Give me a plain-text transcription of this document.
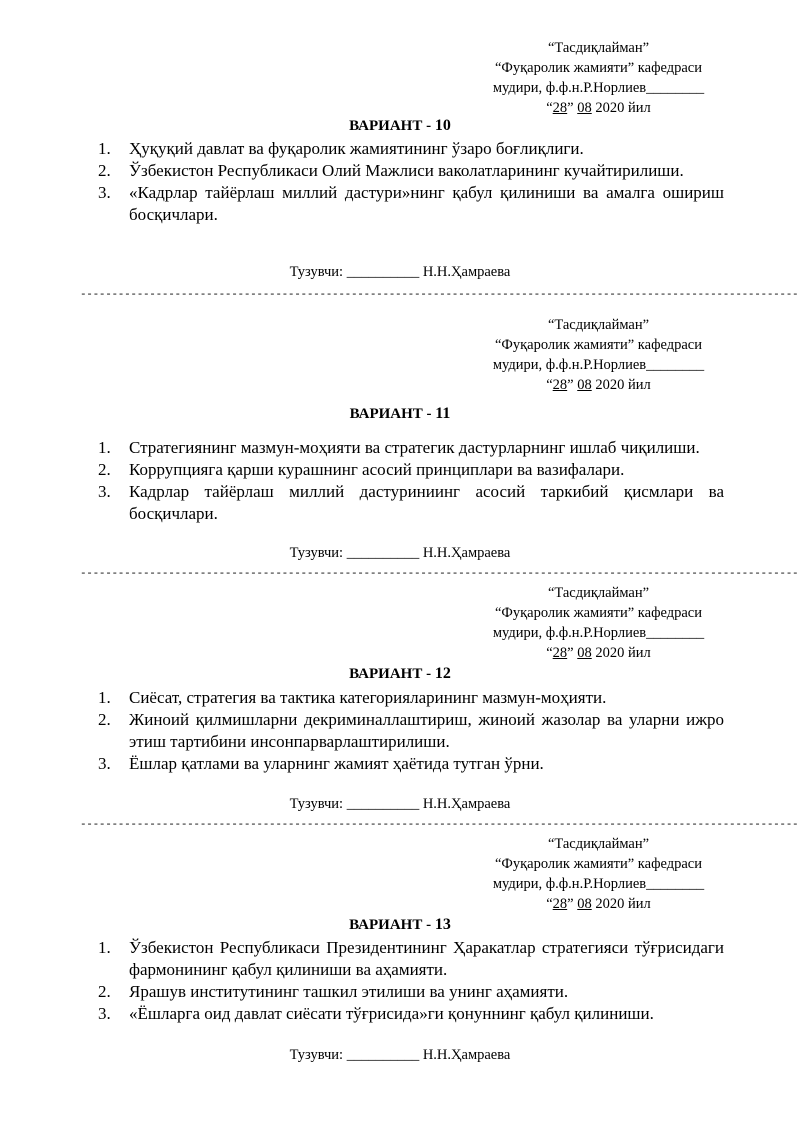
“Тасдиқлайман”
“Фуқаролик жамияти” кафедраси
мудири, ф.ф.н.Р.Норлиев________
“28” 08 2020 йил
ВАРИАНТ - 10
1. Ҳуқуқий давлат ва фуқаролик жамиятининг ўзаро боғлиқлиги.
2. Ўзбекистон Республикаси Олий Мажлиси ваколатларининг кучайтирилиши.
3. «Кадрлар тайёрлаш миллий дастури»нинг қабул қилиниши ва амалга ошириш босқичлари.
Тузувчи: __________ Н.Н.Ҳамраева
------------------------------------------------------------------------------------------------------------------
“Тасдиқлайман”
“Фуқаролик жамияти” кафедраси
мудири, ф.ф.н.Р.Норлиев________
“28” 08 2020 йил
ВАРИАНТ - 11
1. Стратегиянинг мазмун-моҳияти ва стратегик дастурларнинг ишлаб чиқилиши.
2. Коррупцияга қарши курашнинг асосий принциплари ва вазифалари.
3. Кадрлар тайёрлаш миллий дастуриниинг асосий таркибий қисмлари ва босқичлари.
Тузувчи: __________ Н.Н.Ҳамраева
------------------------------------------------------------------------------------------------------------------
“Тасдиқлайман”
“Фуқаролик жамияти” кафедраси
мудири, ф.ф.н.Р.Норлиев________
“28” 08 2020 йил
ВАРИАНТ - 12
1. Сиёсат, стратегия ва тактика категорияларининг мазмун-моҳияти.
2. Жиноий қилмишларни декриминаллаштириш, жиноий жазолар ва уларни ижро этиш тартибини инсонпарварлаштирилиши.
3. Ёшлар қатлами ва уларнинг жамият ҳаётида тутган ўрни.
Тузувчи: __________ Н.Н.Ҳамраева
------------------------------------------------------------------------------------------------------------------
“Тасдиқлайман”
“Фуқаролик жамияти” кафедраси
мудири, ф.ф.н.Р.Норлиев________
“28” 08 2020 йил
ВАРИАНТ - 13
1. Ўзбекистон Республикаси Президентининг Ҳаракатлар стратегияси тўғрисидаги фармонининг қабул қилиниши ва аҳамияти.
2. Ярашув институтининг ташкил этилиши ва унинг аҳамияти.
3. «Ёшларга оид давлат сиёсати тўғрисида»ги қонуннинг қабул қилиниши.
Тузувчи: __________ Н.Н.Ҳамраева
